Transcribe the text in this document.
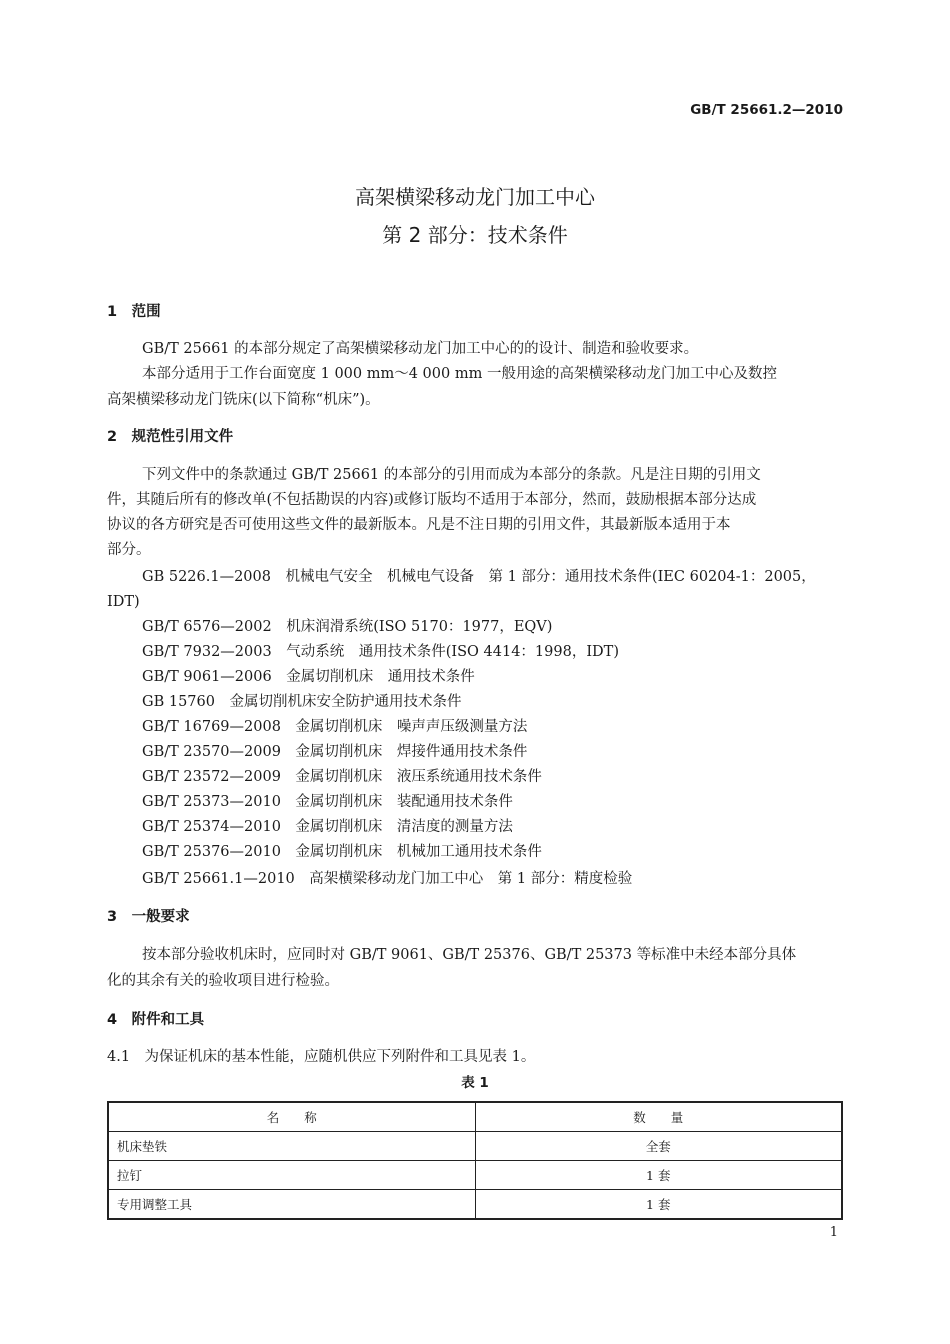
GB/T 25661.2—2010
高架横梁移动龙门加工中心
第 2 部分：技术条件
1　范围
GB/T 25661 的本部分规定了高架横梁移动龙门加工中心的的设计、制造和验收要求。
本部分适用于工作台面宽度 1 000 mm～4 000 mm 一般用途的高架横梁移动龙门加工中心及数控
高架横梁移动龙门铣床(以下简称“机床”)。
2　规范性引用文件
下列文件中的条款通过 GB/T 25661 的本部分的引用而成为本部分的条款。凡是注日期的引用文
件，其随后所有的修改单(不包括勘误的内容)或修订版均不适用于本部分，然而，鼓励根据本部分达成
协议的各方研究是否可使用这些文件的最新版本。凡是不注日期的引用文件，其最新版本适用于本
部分。
GB 5226.1—2008　机械电气安全　机械电气设备　第 1 部分：通用技术条件(IEC 60204-1：2005，
IDT)
GB/T 6576—2002　机床润滑系统(ISO 5170：1977，EQV)
GB/T 7932—2003　气动系统　通用技术条件(ISO 4414：1998，IDT)
GB/T 9061—2006　金属切削机床　通用技术条件
GB 15760　金属切削机床安全防护通用技术条件
GB/T 16769—2008　金属切削机床　噪声声压级测量方法
GB/T 23570—2009　金属切削机床　焊接件通用技术条件
GB/T 23572—2009　金属切削机床　液压系统通用技术条件
GB/T 25373—2010　金属切削机床　装配通用技术条件
GB/T 25374—2010　金属切削机床　清洁度的测量方法
GB/T 25376—2010　金属切削机床　机械加工通用技术条件
GB/T 25661.1—2010　高架横梁移动龙门加工中心　第 1 部分：精度检验
3　一般要求
按本部分验收机床时，应同时对 GB/T 9061、GB/T 25376、GB/T 25373 等标准中未经本部分具体
化的其余有关的验收项目进行检验。
4　附件和工具
4.1　为保证机床的基本性能，应随机供应下列附件和工具见表 1。
表 1
名　　称	数　　量
机床垫铁	全套
拉钉	1 套
专用调整工具	1 套
1
